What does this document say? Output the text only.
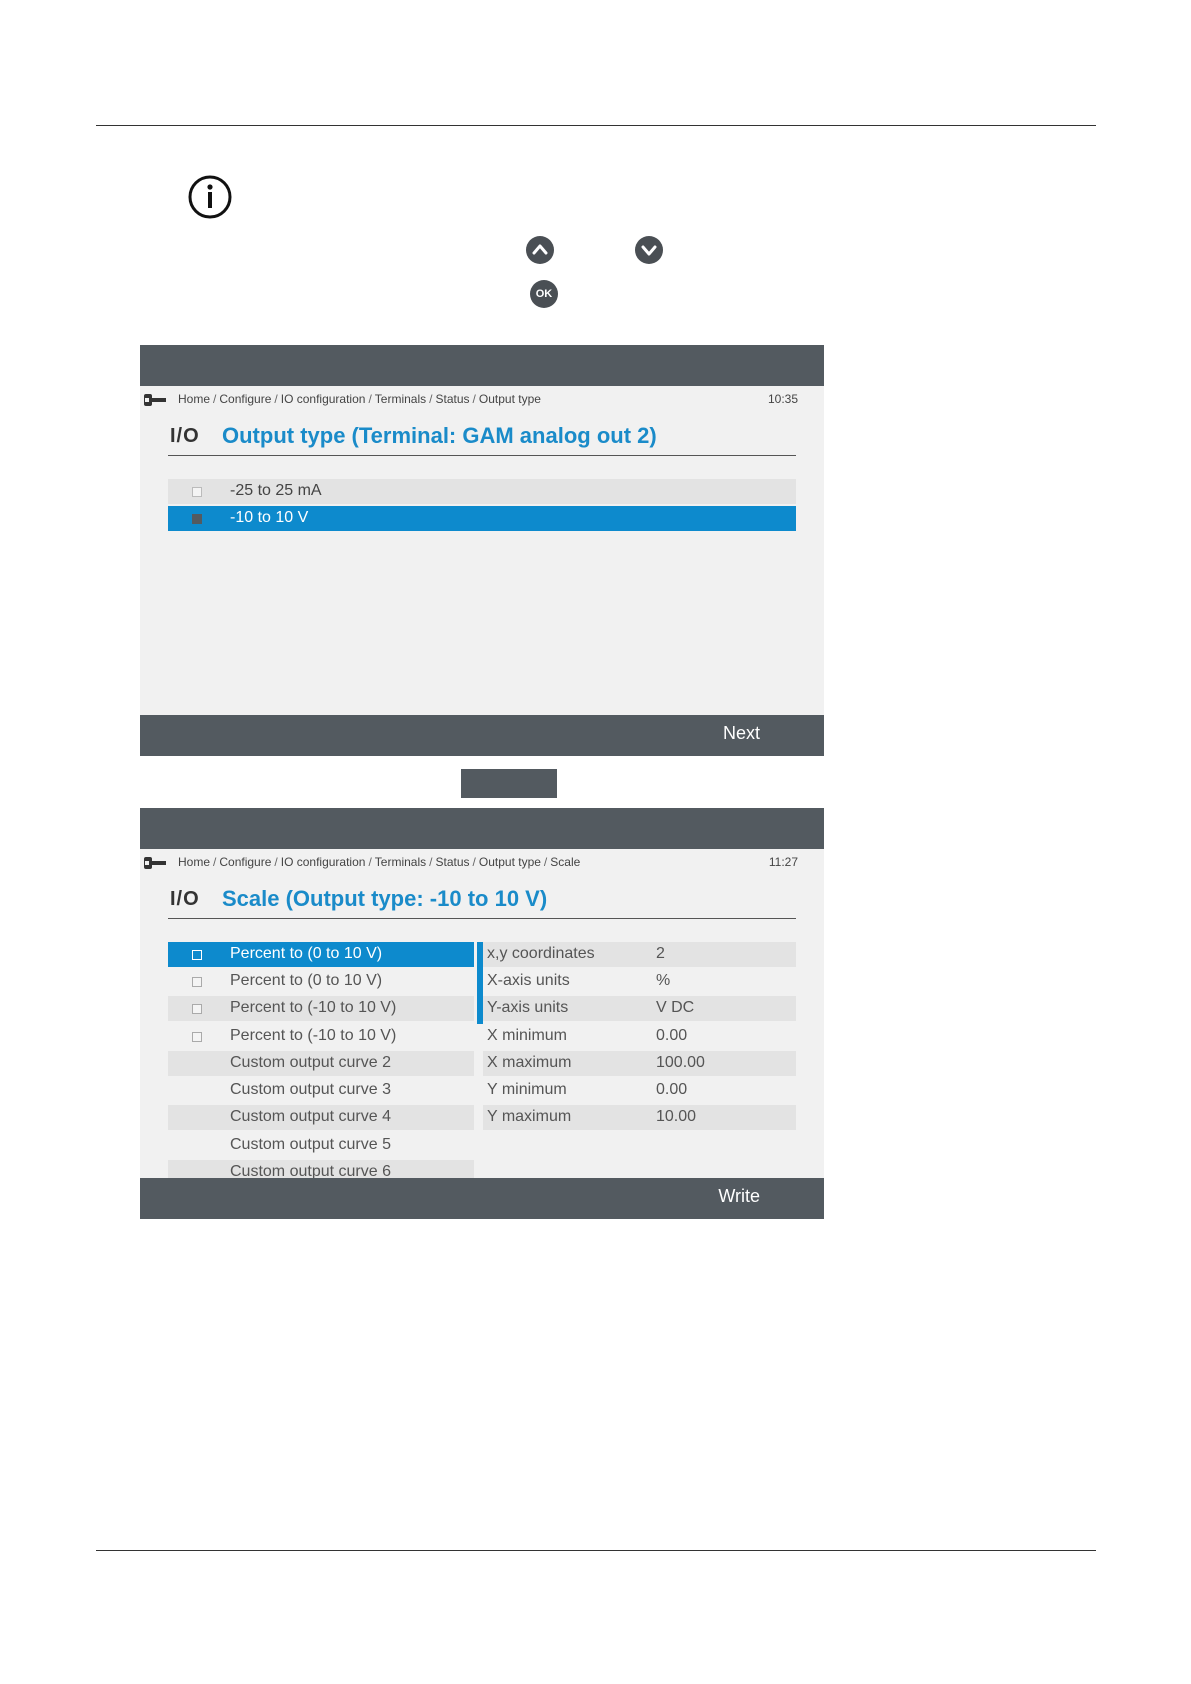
OK
Home / Configure / IO configuration / Terminals / Status / Output type	10:35
I/O Output type (Terminal: GAM analog out 2)
-25 to 25 mA
-10 to 10 V
Next
Home / Configure / IO configuration / Terminals / Status / Output type / Scale	11:27
I/O Scale (Output type: -10 to 10 V)
Percent to (0 to 10 V)
Percent to (0 to 10 V)
Percent to (-10 to 10 V)
Percent to (-10 to 10 V)
Custom output curve 2
Custom output curve 3
Custom output curve 4
Custom output curve 5
Custom output curve 6
x,y coordinates	2
X-axis units	%
Y-axis units	V DC
X minimum	0.00
X maximum	100.00
Y minimum	0.00
Y maximum	10.00
Write
